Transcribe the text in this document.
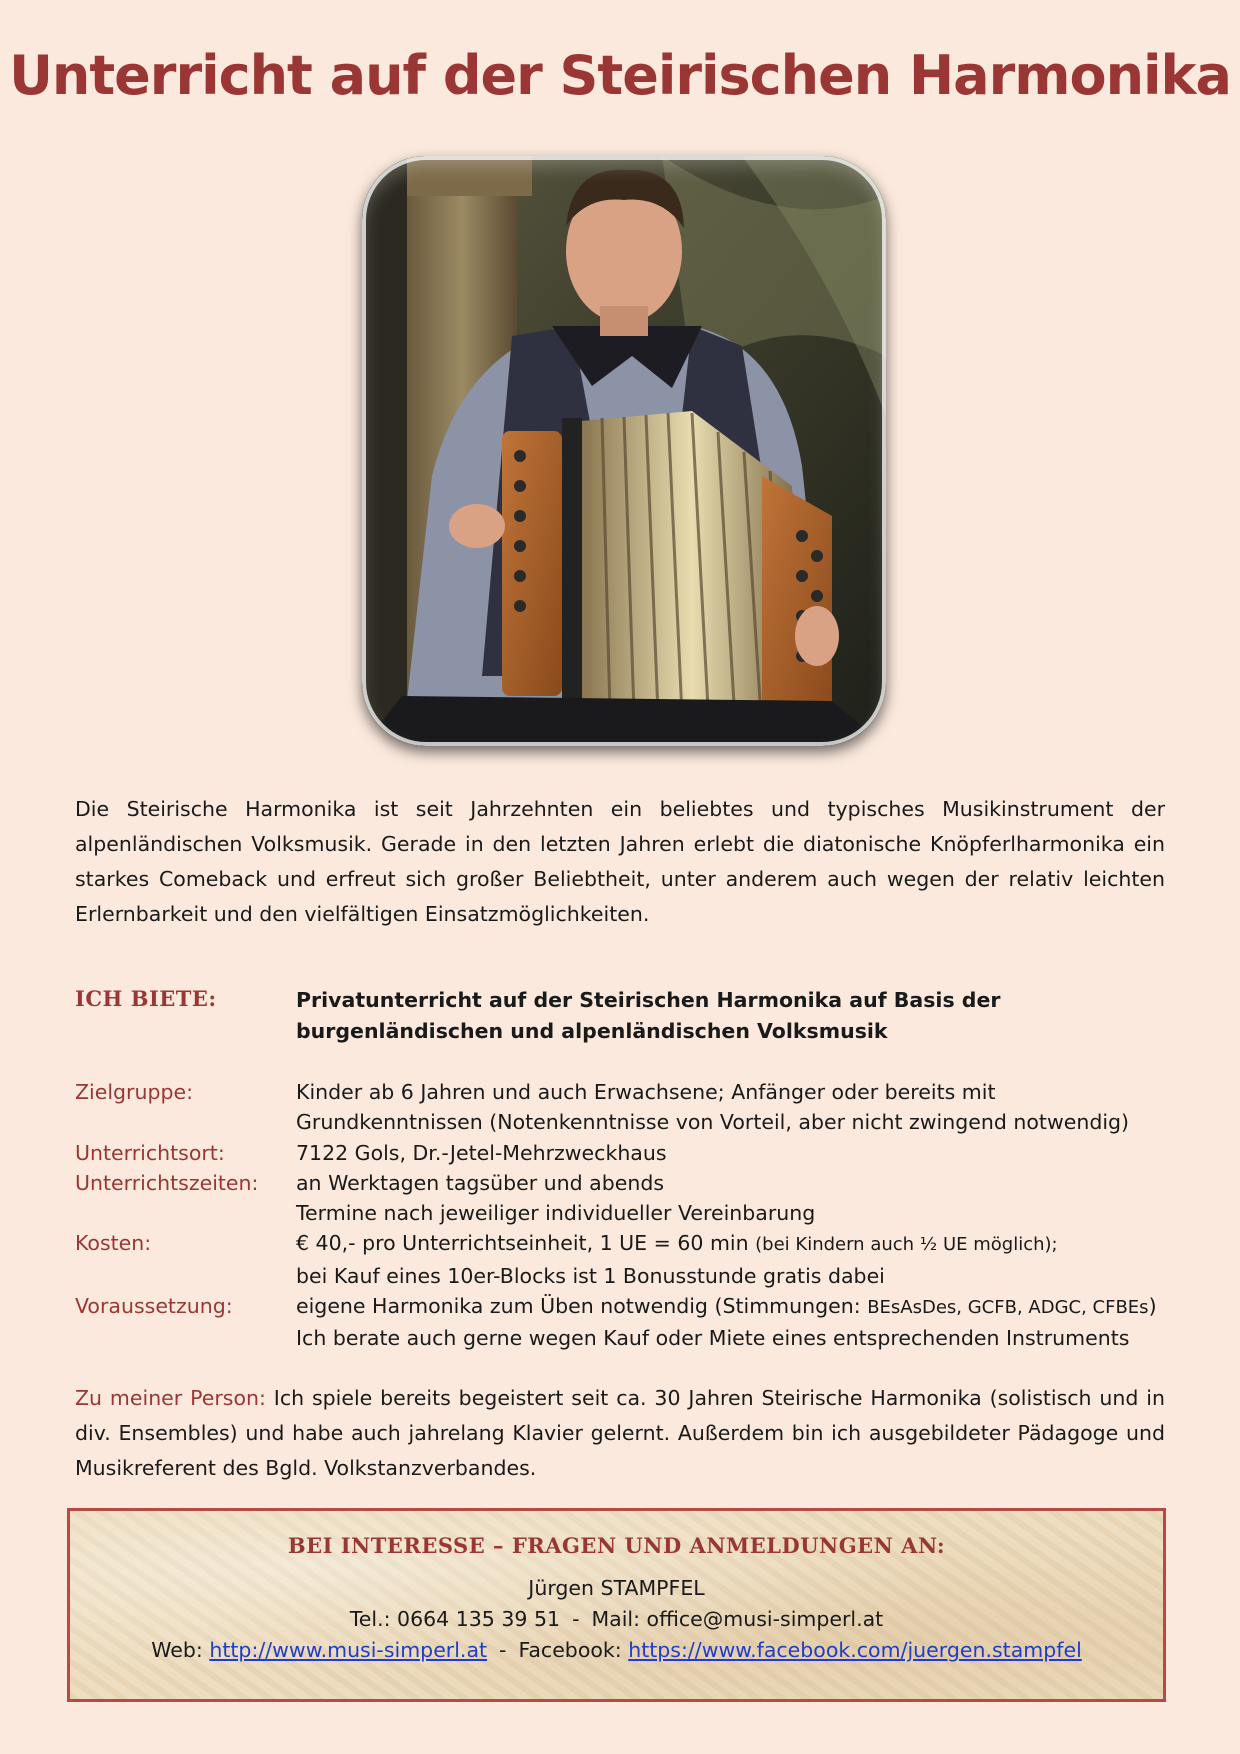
Unterricht auf der Steirischen Harmonika

Die Steirische Harmonika ist seit Jahrzehnten ein beliebtes und typisches Musikinstrument der alpenländischen Volksmusik. Gerade in den letzten Jahren erlebt die diatonische Knöpferlharmonika ein starkes Comeback und erfreut sich großer Beliebtheit, unter anderem auch wegen der relativ leichten Erlernbarkeit und den vielfältigen Einsatzmöglichkeiten.

ICH BIETE:	Privatunterricht auf der Steirischen Harmonika auf Basis der burgenländischen und alpenländischen Volksmusik
Zielgruppe:	Kinder ab 6 Jahren und auch Erwachsene; Anfänger oder bereits mit
Grundkenntnissen (Notenkenntnisse von Vorteil, aber nicht zwingend notwendig)
Unterrichtsort:	7122 Gols, Dr.-Jetel-Mehrzweckhaus
Unterrichtszeiten:	an Werktagen tagsüber und abends
Termine nach jeweiliger individueller Vereinbarung
Kosten:	€ 40,- pro Unterrichtseinheit, 1 UE = 60 min (bei Kindern auch ½ UE möglich);
bei Kauf eines 10er-Blocks ist 1 Bonusstunde gratis dabei
Voraussetzung:	eigene Harmonika zum Üben notwendig (Stimmungen: BEsAsDes, GCFB, ADGC, CFBEs)
Ich berate auch gerne wegen Kauf oder Miete eines entsprechenden Instruments

Zu meiner Person: Ich spiele bereits begeistert seit ca. 30 Jahren Steirische Harmonika (solistisch und in div. Ensembles) und habe auch jahrelang Klavier gelernt. Außerdem bin ich ausgebildeter Pädagoge und Musikreferent des Bgld. Volkstanzverbandes.

BEI INTERESSE – FRAGEN UND ANMELDUNGEN AN:
Jürgen STAMPFEL
Tel.: 0664 135 39 51 - Mail: office@musi-simperl.at
Web: http://www.musi-simperl.at - Facebook: https://www.facebook.com/juergen.stampfel
